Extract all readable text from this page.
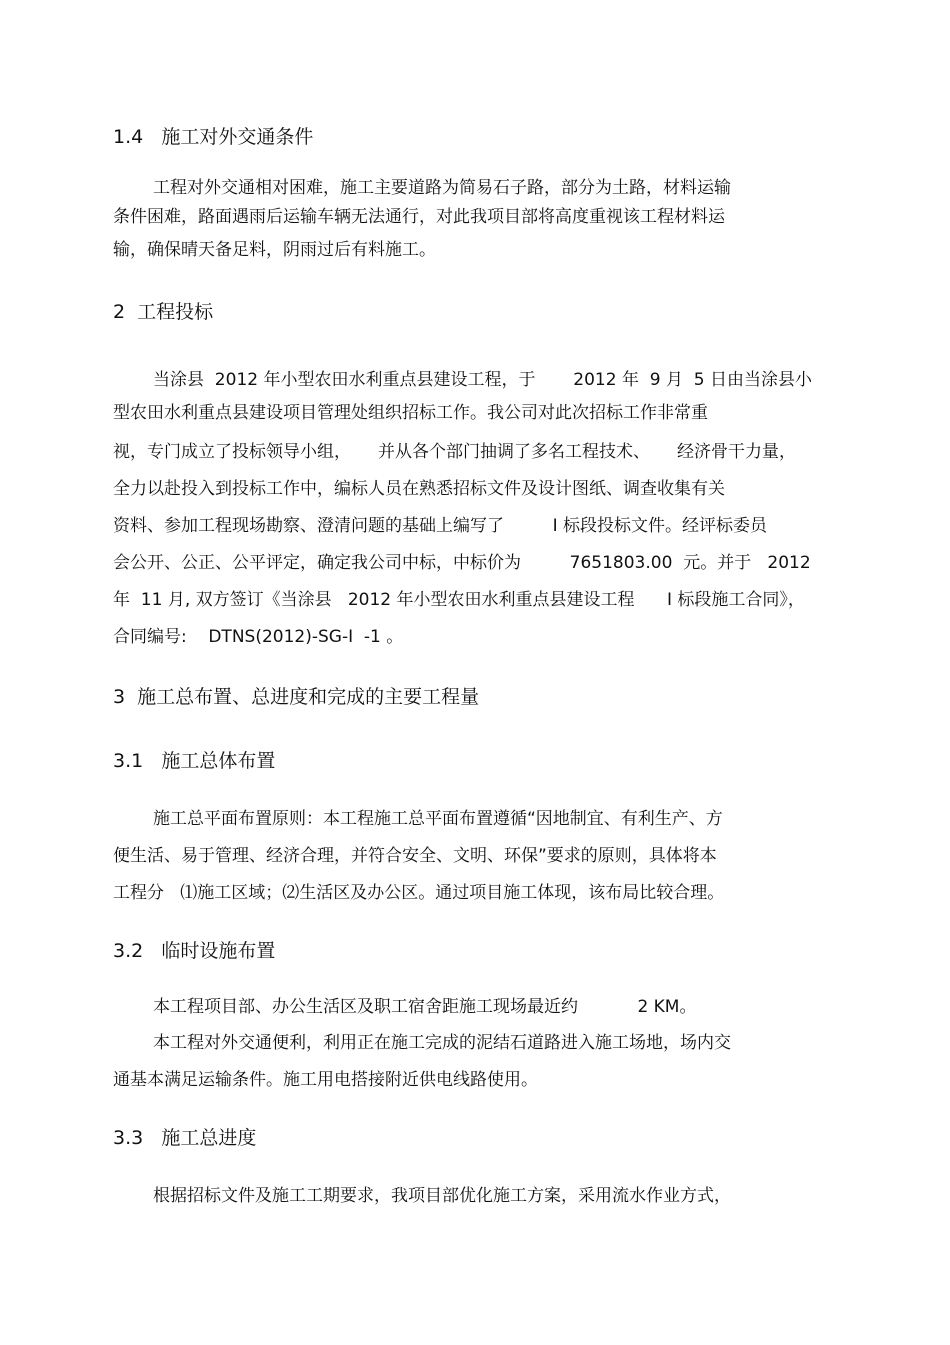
1.4   施工对外交通条件
工程对外交通相对困难，施工主要道路为简易石子路，部分为土路，材料运输
条件困难，路面遇雨后运输车辆无法通行，对此我项目部将高度重视该工程材料运
输，确保晴天备足料，阴雨过后有料施工。
2  工程投标
当涂县  2012 年小型农田水利重点县建设工程，于       2012 年  9 月  5 日由当涂县小
型农田水利重点县建设项目管理处组织招标工作。我公司对此次招标工作非常重
视，专门成立了投标领导小组，     并从各个部门抽调了多名工程技术、     经济骨干力量，
全力以赴投入到投标工作中，编标人员在熟悉招标文件及设计图纸、调查收集有关
资料、参加工程现场勘察、澄清问题的基础上编写了         Ⅰ 标段投标文件。经评标委员
会公开、公正、公平评定，确定我公司中标，中标价为         7651803.00  元。并于   2012
年  11 月, 双方签订《当涂县   2012 年小型农田水利重点县建设工程      Ⅰ 标段施工合同》，
合同编号:    DTNS(2012)-SG-Ⅰ  -1 。
3  施工总布置、总进度和完成的主要工程量
3.1   施工总体布置
施工总平面布置原则：本工程施工总平面布置遵循“因地制宜、有利生产、方
便生活、易于管理、经济合理，并符合安全、文明、环保”要求的原则，具体将本
工程分   ⑴施工区域；⑵生活区及办公区。通过项目施工体现，该布局比较合理。
3.2   临时设施布置
本工程项目部、办公生活区及职工宿舍距施工现场最近约           2 KM。
本工程对外交通便利，利用正在施工完成的泥结石道路进入施工场地，场内交
通基本满足运输条件。施工用电搭接附近供电线路使用。
3.3   施工总进度
根据招标文件及施工工期要求，我项目部优化施工方案，采用流水作业方式，
